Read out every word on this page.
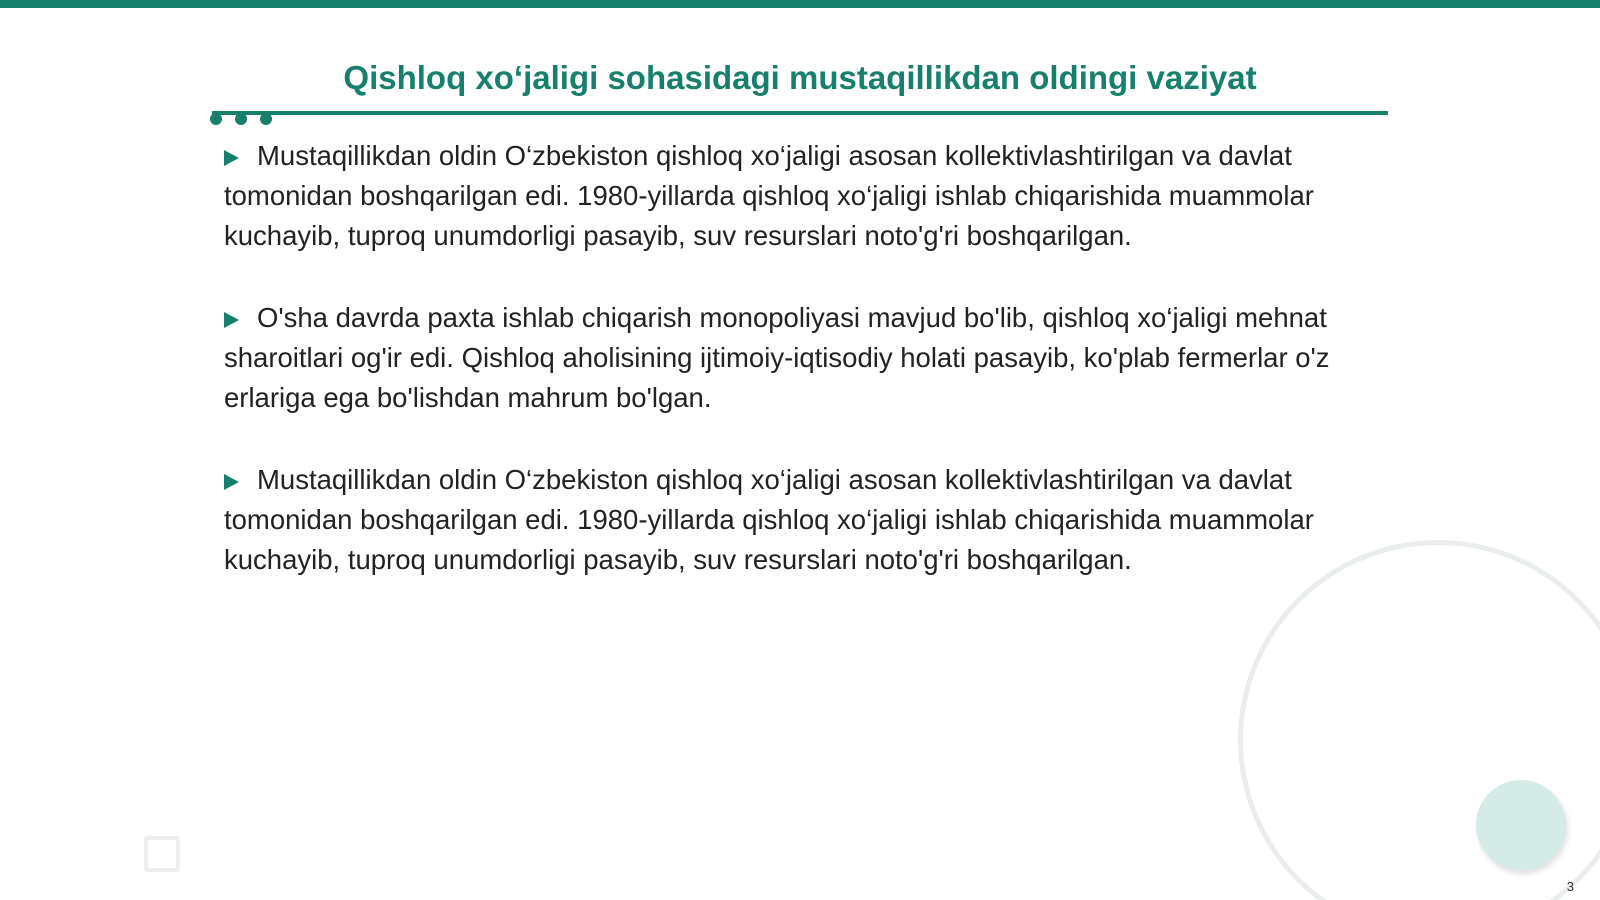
Qishloq xo‘jaligi sohasidagi mustaqillikdan oldingi vaziyat

Mustaqillikdan oldin O‘zbekiston qishloq xo‘jaligi asosan kollektivlashtirilgan va davlat tomonidan boshqarilgan edi. 1980-yillarda qishloq xo‘jaligi ishlab chiqarishida muammolar kuchayib, tuproq unumdorligi pasayib, suv resurslari noto'g'ri boshqarilgan.

O'sha davrda paxta ishlab chiqarish monopoliyasi mavjud bo'lib, qishloq xo‘jaligi mehnat sharoitlari og'ir edi. Qishloq aholisining ijtimoiy-iqtisodiy holati pasayib, ko'plab fermerlar o'z erlariga ega bo'lishdan mahrum bo'lgan.

Mustaqillikdan oldin O‘zbekiston qishloq xo‘jaligi asosan kollektivlashtirilgan va davlat tomonidan boshqarilgan edi. 1980-yillarda qishloq xo‘jaligi ishlab chiqarishida muammolar kuchayib, tuproq unumdorligi pasayib, suv resurslari noto'g'ri boshqarilgan.

3
